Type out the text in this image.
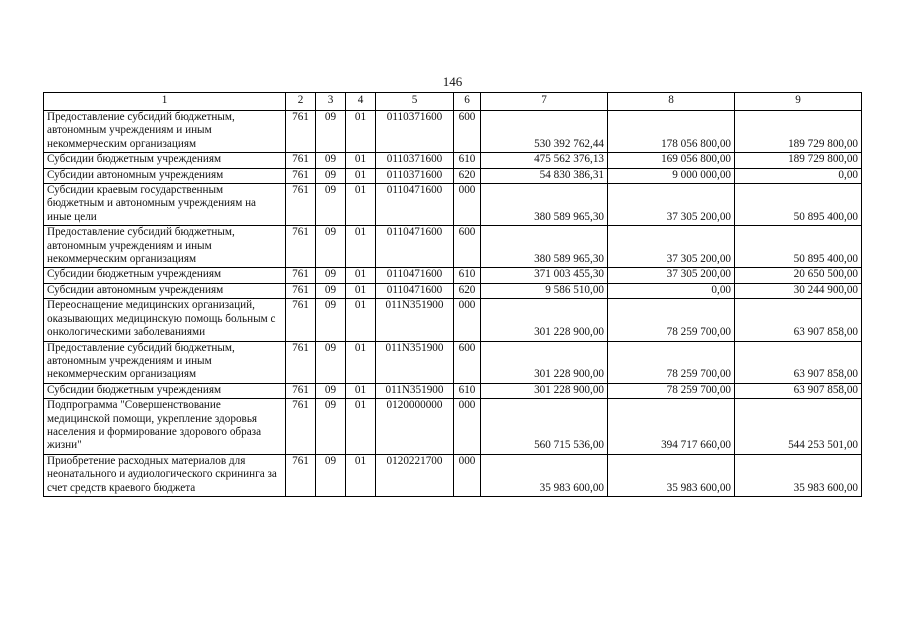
146
1	2	3	4	5	6	7	8	9
Предоставление субсидий бюджетным, автономным учреждениям и иным некоммерческим организациям	761	09	01	0110371600	600	530 392 762,44	178 056 800,00	189 729 800,00
Субсидии бюджетным учреждениям	761	09	01	0110371600	610	475 562 376,13	169 056 800,00	189 729 800,00
Субсидии автономным учреждениям	761	09	01	0110371600	620	54 830 386,31	9 000 000,00	0,00
Субсидии краевым государственным бюджетным и автономным учреждениям на иные цели	761	09	01	0110471600	000	380 589 965,30	37 305 200,00	50 895 400,00
Предоставление субсидий бюджетным, автономным учреждениям и иным некоммерческим организациям	761	09	01	0110471600	600	380 589 965,30	37 305 200,00	50 895 400,00
Субсидии бюджетным учреждениям	761	09	01	0110471600	610	371 003 455,30	37 305 200,00	20 650 500,00
Субсидии автономным учреждениям	761	09	01	0110471600	620	9 586 510,00	0,00	30 244 900,00
Переоснащение медицинских организаций, оказывающих медицинскую помощь больным с онкологическими заболеваниями	761	09	01	011N351900	000	301 228 900,00	78 259 700,00	63 907 858,00
Предоставление субсидий бюджетным, автономным учреждениям и иным некоммерческим организациям	761	09	01	011N351900	600	301 228 900,00	78 259 700,00	63 907 858,00
Субсидии бюджетным учреждениям	761	09	01	011N351900	610	301 228 900,00	78 259 700,00	63 907 858,00
Подпрограмма "Совершенствование медицинской помощи, укрепление здоровья населения и формирование здорового образа жизни"	761	09	01	0120000000	000	560 715 536,00	394 717 660,00	544 253 501,00
Приобретение расходных материалов для неонатального и аудиологического скрининга за счет средств краевого бюджета	761	09	01	0120221700	000	35 983 600,00	35 983 600,00	35 983 600,00
